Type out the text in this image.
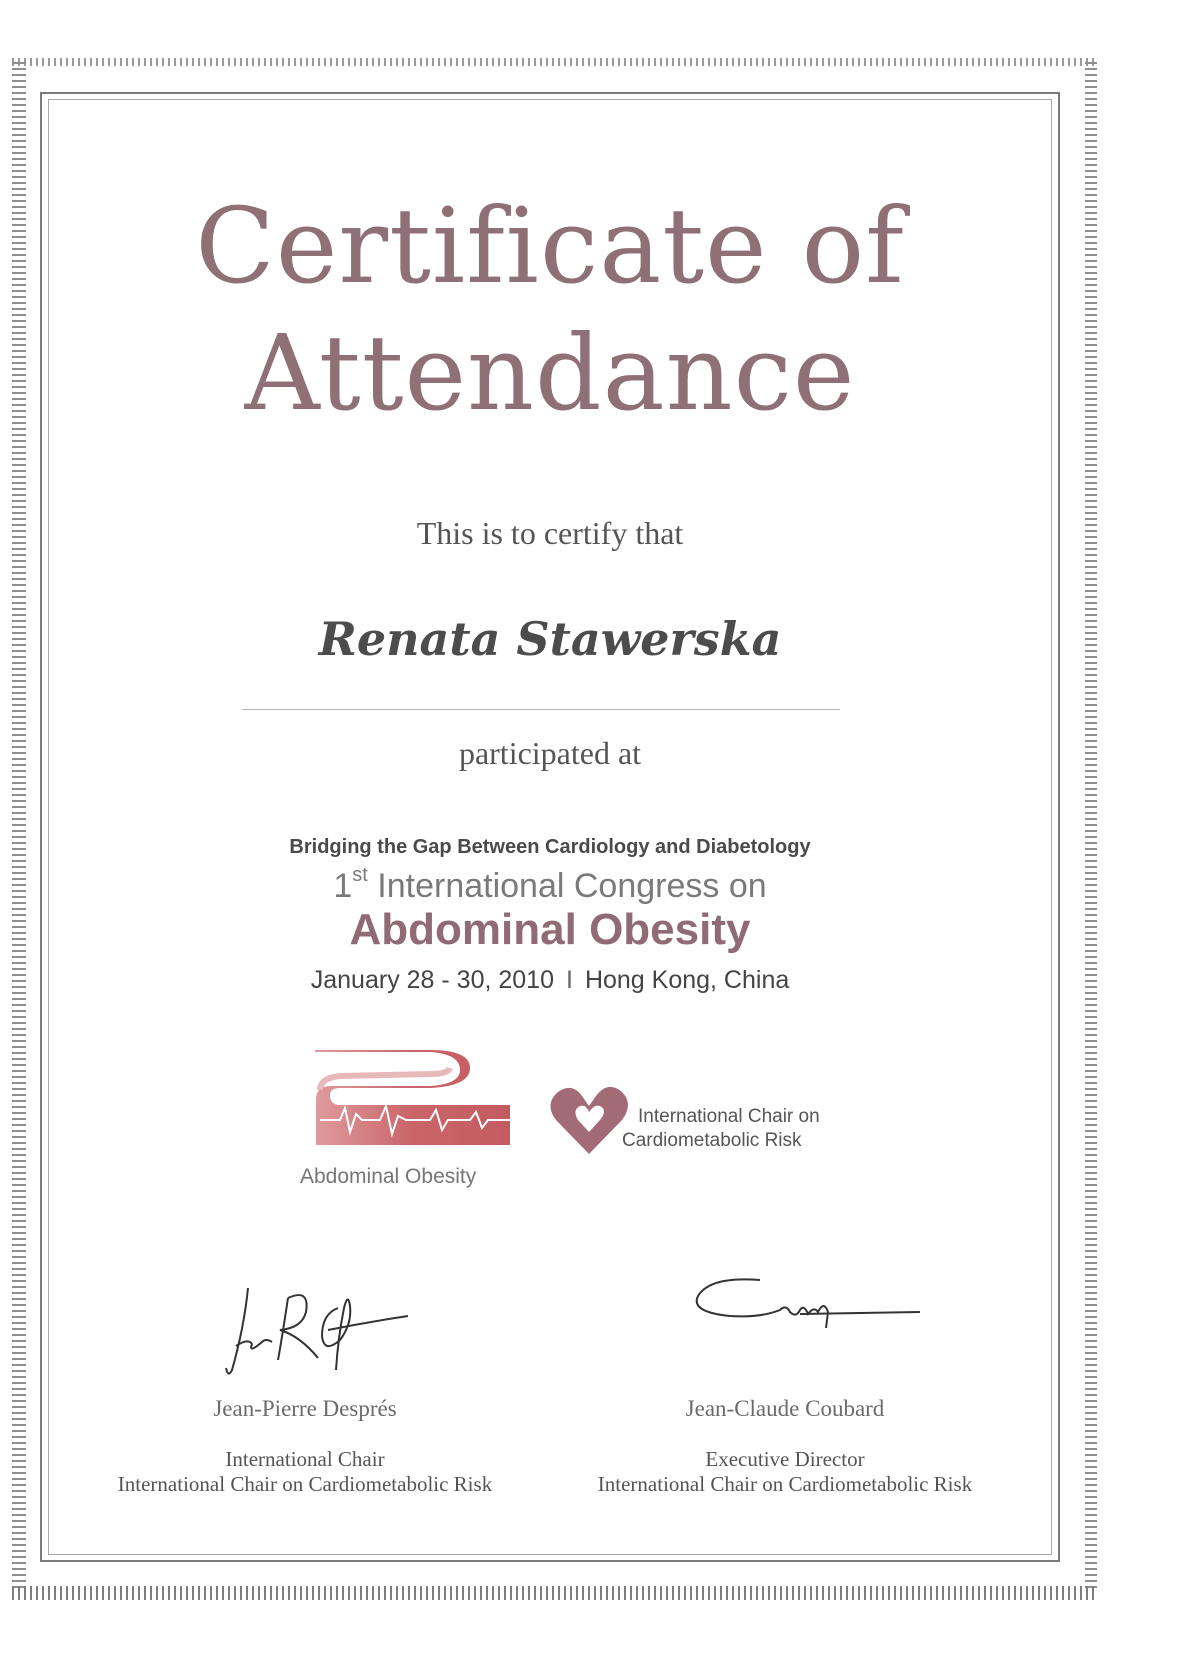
Certificate of
Attendance
This is to certify that
Renata Stawerska
participated at
Bridging the Gap Between Cardiology and Diabetology
1st International Congress on
Abdominal Obesity
January 28 - 30, 2010 I Hong Kong, China
Abdominal Obesity
International Chair on
Cardiometabolic Risk
Jean-Pierre Després	Jean-Claude Coubard
International Chair
International Chair on Cardiometabolic Risk
Executive Director
International Chair on Cardiometabolic Risk
